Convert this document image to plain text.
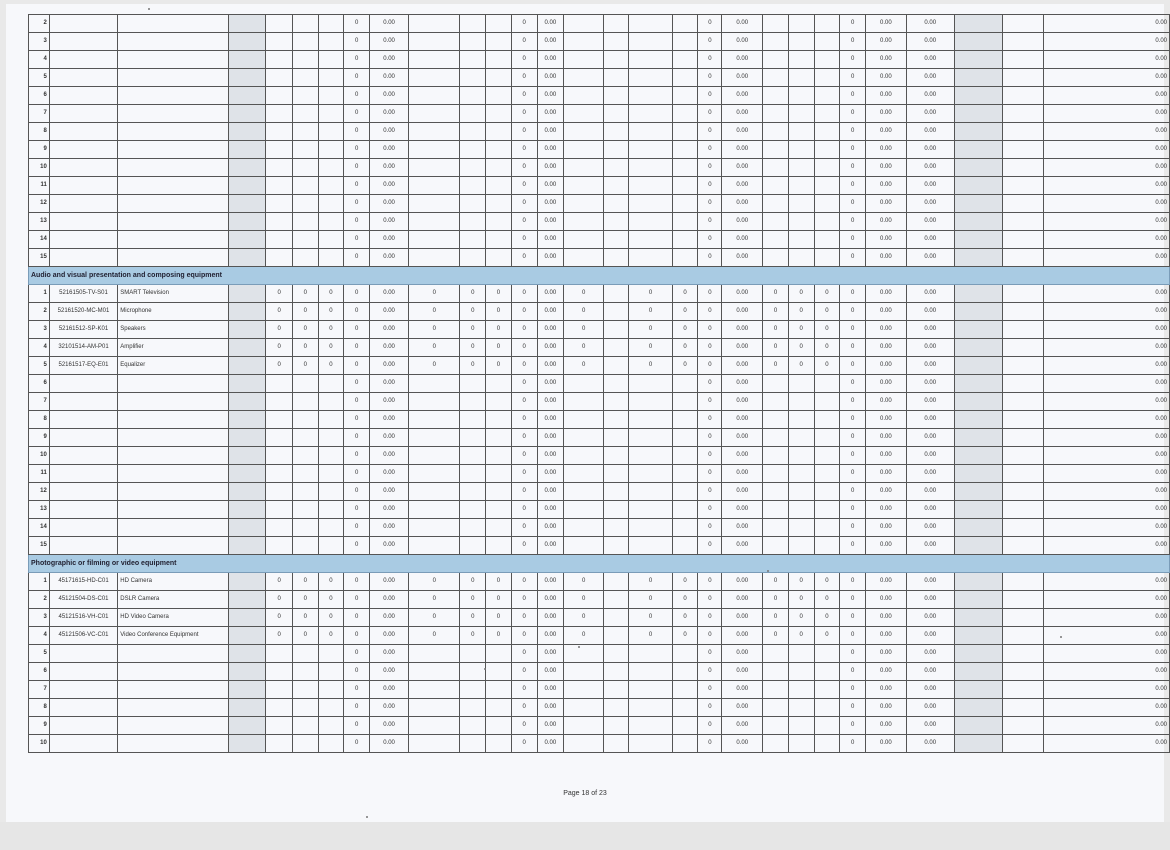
2							0	0.00				0	0.00					0	0.00				0	0.00	0.00			0.00
3							0	0.00				0	0.00					0	0.00				0	0.00	0.00			0.00
4							0	0.00				0	0.00					0	0.00				0	0.00	0.00			0.00
5							0	0.00				0	0.00					0	0.00				0	0.00	0.00			0.00
6							0	0.00				0	0.00					0	0.00				0	0.00	0.00			0.00
7							0	0.00				0	0.00					0	0.00				0	0.00	0.00			0.00
8							0	0.00				0	0.00					0	0.00				0	0.00	0.00			0.00
9							0	0.00				0	0.00					0	0.00				0	0.00	0.00			0.00
10							0	0.00				0	0.00					0	0.00				0	0.00	0.00			0.00
11							0	0.00				0	0.00					0	0.00				0	0.00	0.00			0.00
12							0	0.00				0	0.00					0	0.00				0	0.00	0.00			0.00
13							0	0.00				0	0.00					0	0.00				0	0.00	0.00			0.00
14							0	0.00				0	0.00					0	0.00				0	0.00	0.00			0.00
15							0	0.00				0	0.00					0	0.00				0	0.00	0.00			0.00
Audio and visual presentation and composing equipment																												
1	52161505-TV-S01	SMART Television		0	0	0	0	0.00	0	0	0	0	0.00	0		0	0	0	0.00	0	0	0	0	0.00	0.00			0.00
2	52161520-MC-M01	Microphone		0	0	0	0	0.00	0	0	0	0	0.00	0		0	0	0	0.00	0	0	0	0	0.00	0.00			0.00
3	52161512-SP-K01	Speakers		0	0	0	0	0.00	0	0	0	0	0.00	0		0	0	0	0.00	0	0	0	0	0.00	0.00			0.00
4	32101514-AM-P01	Amplifier		0	0	0	0	0.00	0	0	0	0	0.00	0		0	0	0	0.00	0	0	0	0	0.00	0.00			0.00
5	52161517-EQ-E01	Equalizer		0	0	0	0	0.00	0	0	0	0	0.00	0		0	0	0	0.00	0	0	0	0	0.00	0.00			0.00
6							0	0.00				0	0.00					0	0.00				0	0.00	0.00			0.00
7							0	0.00				0	0.00					0	0.00				0	0.00	0.00			0.00
8							0	0.00				0	0.00					0	0.00				0	0.00	0.00			0.00
9							0	0.00				0	0.00					0	0.00				0	0.00	0.00			0.00
10							0	0.00				0	0.00					0	0.00				0	0.00	0.00			0.00
11							0	0.00				0	0.00					0	0.00				0	0.00	0.00			0.00
12							0	0.00				0	0.00					0	0.00				0	0.00	0.00			0.00
13							0	0.00				0	0.00					0	0.00				0	0.00	0.00			0.00
14							0	0.00				0	0.00					0	0.00				0	0.00	0.00			0.00
15							0	0.00				0	0.00					0	0.00				0	0.00	0.00			0.00
Photographic or filming or video equipment																												
1	45171615-HD-C01	HD Camera		0	0	0	0	0.00	0	0	0	0	0.00	0		0	0	0	0.00	0	0	0	0	0.00	0.00			0.00
2	45121504-DS-C01	DSLR Camera		0	0	0	0	0.00	0	0	0	0	0.00	0		0	0	0	0.00	0	0	0	0	0.00	0.00			0.00
3	45121516-VH-C01	HD Video Camera		0	0	0	0	0.00	0	0	0	0	0.00	0		0	0	0	0.00	0	0	0	0	0.00	0.00			0.00
4	45121506-VC-C01	Video Conference Equipment		0	0	0	0	0.00	0	0	0	0	0.00	0		0	0	0	0.00	0	0	0	0	0.00	0.00			0.00
5							0	0.00				0	0.00					0	0.00				0	0.00	0.00			0.00
6							0	0.00				0	0.00					0	0.00				0	0.00	0.00			0.00
7							0	0.00				0	0.00					0	0.00				0	0.00	0.00			0.00
8							0	0.00				0	0.00					0	0.00				0	0.00	0.00			0.00
9							0	0.00				0	0.00					0	0.00				0	0.00	0.00			0.00
10							0	0.00				0	0.00					0	0.00				0	0.00	0.00			0.00
Page 18 of 23
